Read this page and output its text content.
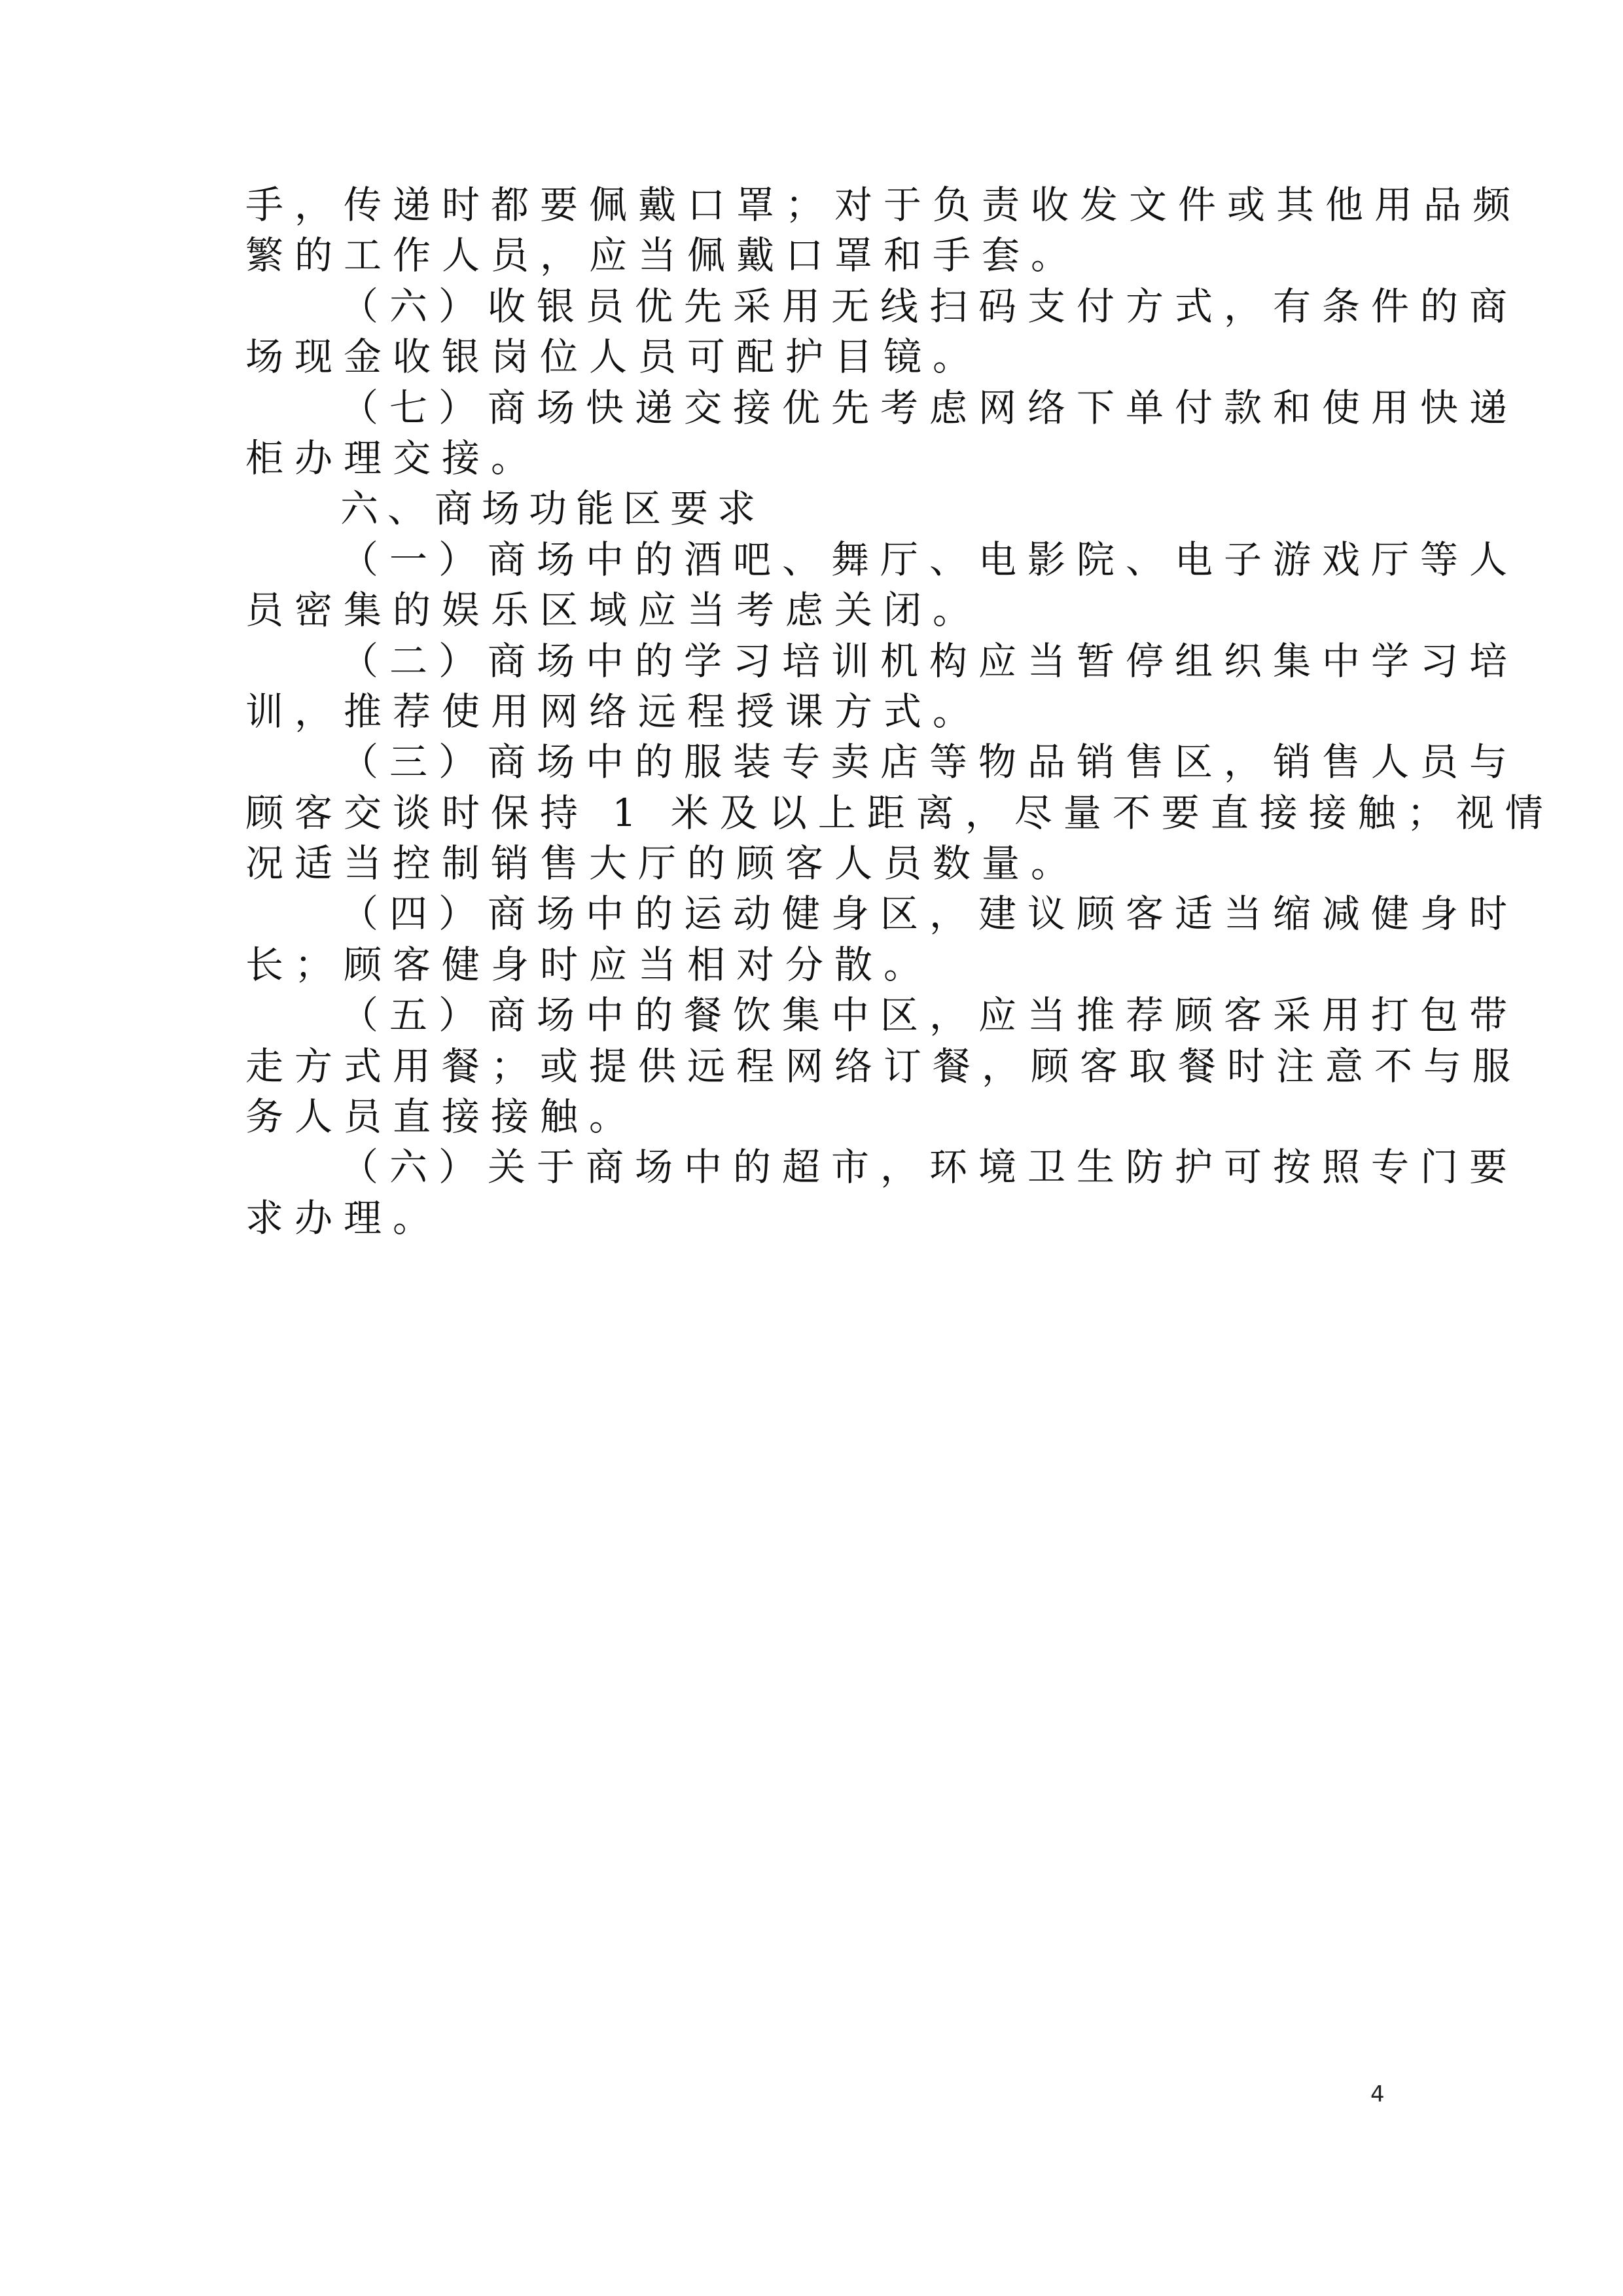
手，传递时都要佩戴口罩；对于负责收发文件或其他用品频
繁的工作人员，应当佩戴口罩和手套。
（六）收银员优先采用无线扫码支付方式，有条件的商
场现金收银岗位人员可配护目镜。
（七）商场快递交接优先考虑网络下单付款和使用快递
柜办理交接。
六、商场功能区要求
（一）商场中的酒吧、舞厅、电影院、电子游戏厅等人
员密集的娱乐区域应当考虑关闭。
（二）商场中的学习培训机构应当暂停组织集中学习培
训，推荐使用网络远程授课方式。
（三）商场中的服装专卖店等物品销售区，销售人员与
顾客交谈时保持 1 米及以上距离，尽量不要直接接触；视情
况适当控制销售大厅的顾客人员数量。
（四）商场中的运动健身区，建议顾客适当缩减健身时
长；顾客健身时应当相对分散。
（五）商场中的餐饮集中区，应当推荐顾客采用打包带
走方式用餐；或提供远程网络订餐，顾客取餐时注意不与服
务人员直接接触。
（六）关于商场中的超市，环境卫生防护可按照专门要
求办理。
4
